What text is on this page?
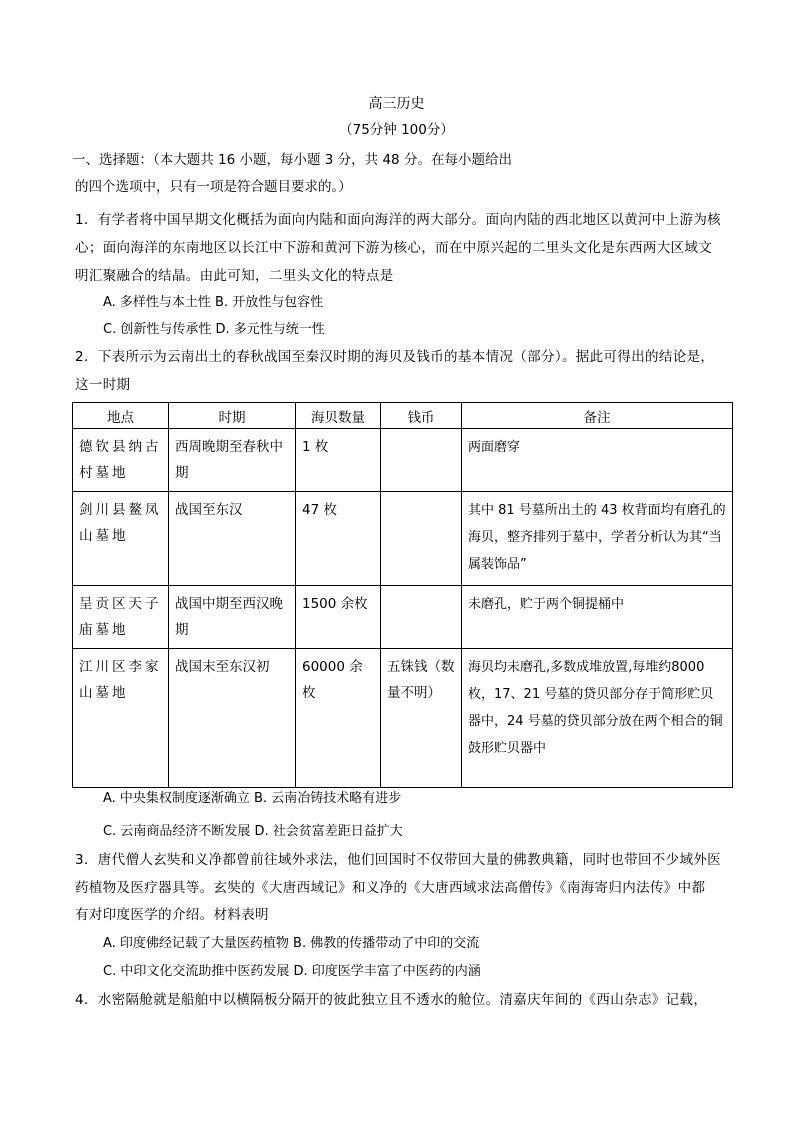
高三历史
（75分钟 100分）
一、选择题：（本大题共 16 小题，每小题 3 分，共 48 分。在每小题给出
的四个选项中，只有一项是符合题目要求的。）
1．有学者将中国早期文化概括为面向内陆和面向海洋的两大部分。面向内陆的西北地区以黄河中上游为核
心；面向海洋的东南地区以长江中下游和黄河下游为核心，而在中原兴起的二里头文化是东西两大区域文
明汇聚融合的结晶。由此可知，二里头文化的特点是
A. 多样性与本土性 B. 开放性与包容性
C. 创新性与传承性 D. 多元性与统一性
2．下表所示为云南出土的春秋战国至秦汉时期的海贝及钱币的基本情况（部分）。据此可得出的结论是，
这一时期
地点	时期	海贝数量	钱币	备注
德钦县纳古村墓地	西周晚期至春秋中期	1 枚		两面磨穿
剑川县鳌凤山墓地	战国至东汉	47 枚		其中 81 号墓所出土的 43 枚背面均有磨孔的海贝，整齐排列于墓中，学者分析认为其“当属装饰品”
呈贡区天子庙墓地	战国中期至西汉晚期	1500 余枚		未磨孔，贮于两个铜提桶中
江川区李家山墓地	战国末至东汉初	60000 余枚	五铢钱（数量不明）	海贝均未磨孔,多数成堆放置,每堆约8000枚，17、21 号墓的贷贝部分存于简形贮贝器中，24 号墓的贷贝部分放在两个相合的铜鼓形贮贝器中
A. 中央集权制度逐渐确立 B. 云南冶铸技术略有进步
C. 云南商品经济不断发展 D. 社会贫富差距日益扩大
3．唐代僧人玄奘和义净都曾前往域外求法，他们回国时不仅带回大量的佛教典籍，同时也带回不少域外医
药植物及医疗器具等。玄奘的《大唐西域记》和义净的《大唐西域求法高僧传》《南海寄归内法传》中都
有对印度医学的介绍。材料表明
A. 印度佛经记载了大量医药植物 B. 佛教的传播带动了中印的交流
C. 中印文化交流助推中医药发展 D. 印度医学丰富了中医药的内涵
4．水密隔舱就是船舶中以横隔板分隔开的彼此独立且不透水的舱位。清嘉庆年间的《西山杂志》记载，
